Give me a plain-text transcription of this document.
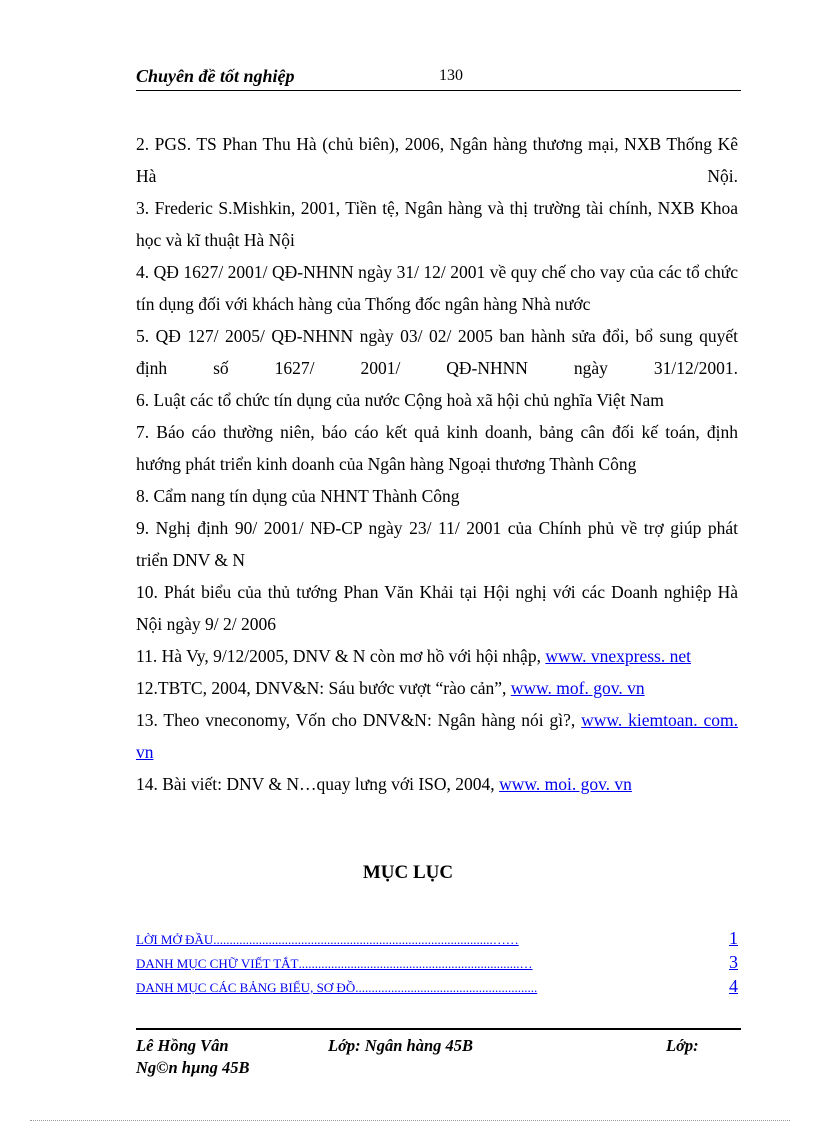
Chuyên đề tốt nghiệp	130
2. PGS. TS Phan Thu Hà (chủ biên), 2006, Ngân hàng thương mại, NXB Thống Kê Hà Nội.
3. Frederic S.Mishkin, 2001, Tiền tệ, Ngân hàng và thị trường tài chính, NXB Khoa học và kĩ thuật Hà Nội
4. QĐ 1627/ 2001/ QĐ-NHNN ngày 31/ 12/ 2001 về quy chế cho vay của các tổ chức tín dụng đối với khách hàng của Thống đốc ngân hàng Nhà nước
5. QĐ 127/ 2005/ QĐ-NHNN ngày 03/ 02/ 2005 ban hành sửa đổi, bổ sung quyết định số 1627/ 2001/ QĐ-NHNN ngày 31/12/2001.
6. Luật các tổ chức tín dụng của nước Cộng hoà xã hội chủ nghĩa Việt Nam
7. Báo cáo thường niên, báo cáo kết quả kinh doanh, bảng cân đối kế toán, định hướng phát triển kinh doanh của Ngân hàng Ngoại thương Thành Công
8. Cẩm nang tín dụng của NHNT Thành Công
9. Nghị định 90/ 2001/ NĐ-CP ngày 23/ 11/ 2001 của Chính phủ về trợ giúp phát triển DNV & N
10. Phát biểu của thủ tướng Phan Văn Khải tại Hội nghị với các Doanh nghiệp Hà Nội ngày 9/ 2/ 2006
11. Hà Vy, 9/12/2005, DNV & N còn mơ hồ với hội nhập, www. vnexpress. net
12.TBTC, 2004, DNV&N: Sáu bước vượt “rào cản”, www. mof. gov. vn
13. Theo vneconomy, Vốn cho DNV&N: Ngân hàng nói gì?, www. kiemtoan. com. vn
14. Bài viết: DNV & N…quay lưng với ISO, 2004, www. moi. gov. vn
MỤC LỤC
LỜI MỞ ĐẦU ......................................................................................……	1
DANH MỤC CHỮ VIẾT TẮT ....................................................................…	3
DANH MỤC CÁC BẢNG BIỂU, SƠ ĐỒ ........................................................	4
Lê Hồng Vân	Lớp: Ngân hàng 45B	Lớp:
Ng©n hµng 45B
